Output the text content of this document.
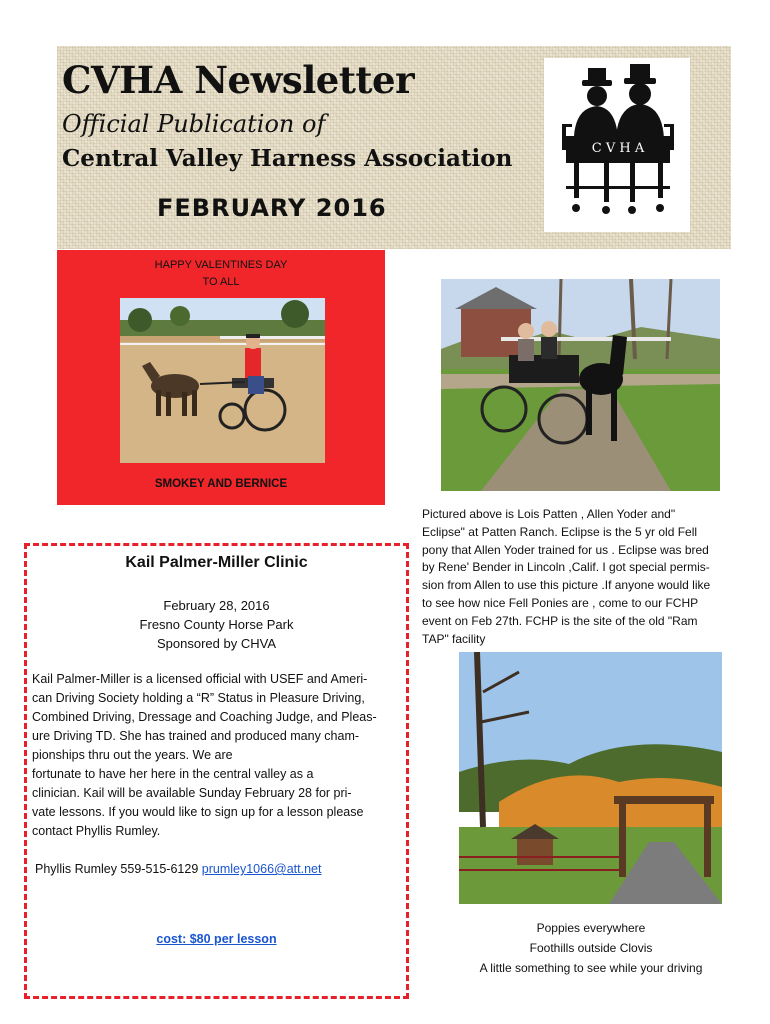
CVHA Newsletter
Official Publication of
Central Valley Harness Association
FEBRUARY 2016
C V H A
HAPPY VALENTINES DAY
TO ALL
SMOKEY AND BERNICE
Pictured above is Lois Patten , Allen Yoder and"
Eclipse" at Patten Ranch. Eclipse is the 5 yr old Fell
pony that Allen Yoder trained for us . Eclipse was bred
by Rene' Bender in Lincoln ,Calif. I got special permis-
sion from Allen to use this picture .If anyone would like
to see how nice Fell Ponies are , come to our FCHP
event on Feb 27th. FCHP is the site of the old "Ram
TAP" facility
Poppies everywhere
Foothills outside Clovis
A little something to see while your driving
Kail Palmer-Miller Clinic
February 28, 2016
Fresno County Horse Park
Sponsored by CHVA
Kail Palmer-Miller is a licensed official with USEF and Ameri-
can Driving Society holding a “R” Status in Pleasure Driving,
Combined Driving, Dressage and Coaching Judge, and Pleas-
ure Driving TD. She has trained and produced many cham-
pionships thru out the years. We are
fortunate to have her here in the central valley as a
clinician. Kail will be available Sunday February 28 for pri-
vate lessons. If you would like to sign up for a lesson please
contact Phyllis Rumley.
Phyllis Rumley 559-515-6129 prumley1066@att.net
cost: $80 per lesson
